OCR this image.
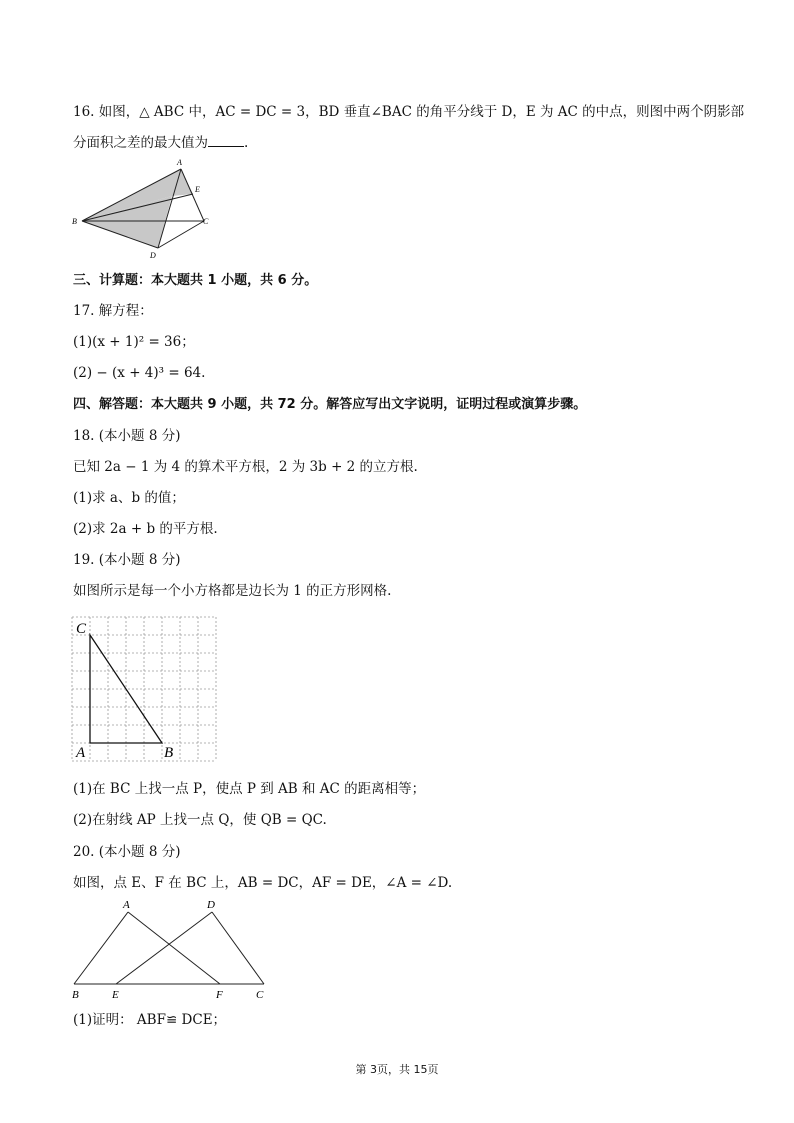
16. 如图，△ ABC 中，AC = DC = 3，BD 垂直∠BAC 的角平分线于 D，E 为 AC 的中点，则图中两个阴影部
分面积之差的最大值为	.
A
E
B	C
D
三、计算题：本大题共 1 小题，共 6 分。
17. 解方程：
(1)(x + 1)² = 36；
(2) − (x + 4)³ = 64.
四、解答题：本大题共 9 小题，共 72 分。解答应写出文字说明，证明过程或演算步骤。
18. (本小题 8 分)
已知 2a − 1 为 4 的算术平方根，2 为 3b + 2 的立方根.
(1)求 a、b 的值；
(2)求 2a + b 的平方根.
19. (本小题 8 分)
如图所示是每一个小方格都是边长为 1 的正方形网格.
C
A	B
(1)在 BC 上找一点 P，使点 P 到 AB 和 AC 的距离相等；
(2)在射线 AP 上找一点 Q，使 QB = QC.
20. (本小题 8 分)
如图，点 E、F 在 BC 上，AB = DC，AF = DE，∠A = ∠D.
A	D
B	E	F	C
(1)证明： ABF≌ DCE；
第 3页，共 15页
